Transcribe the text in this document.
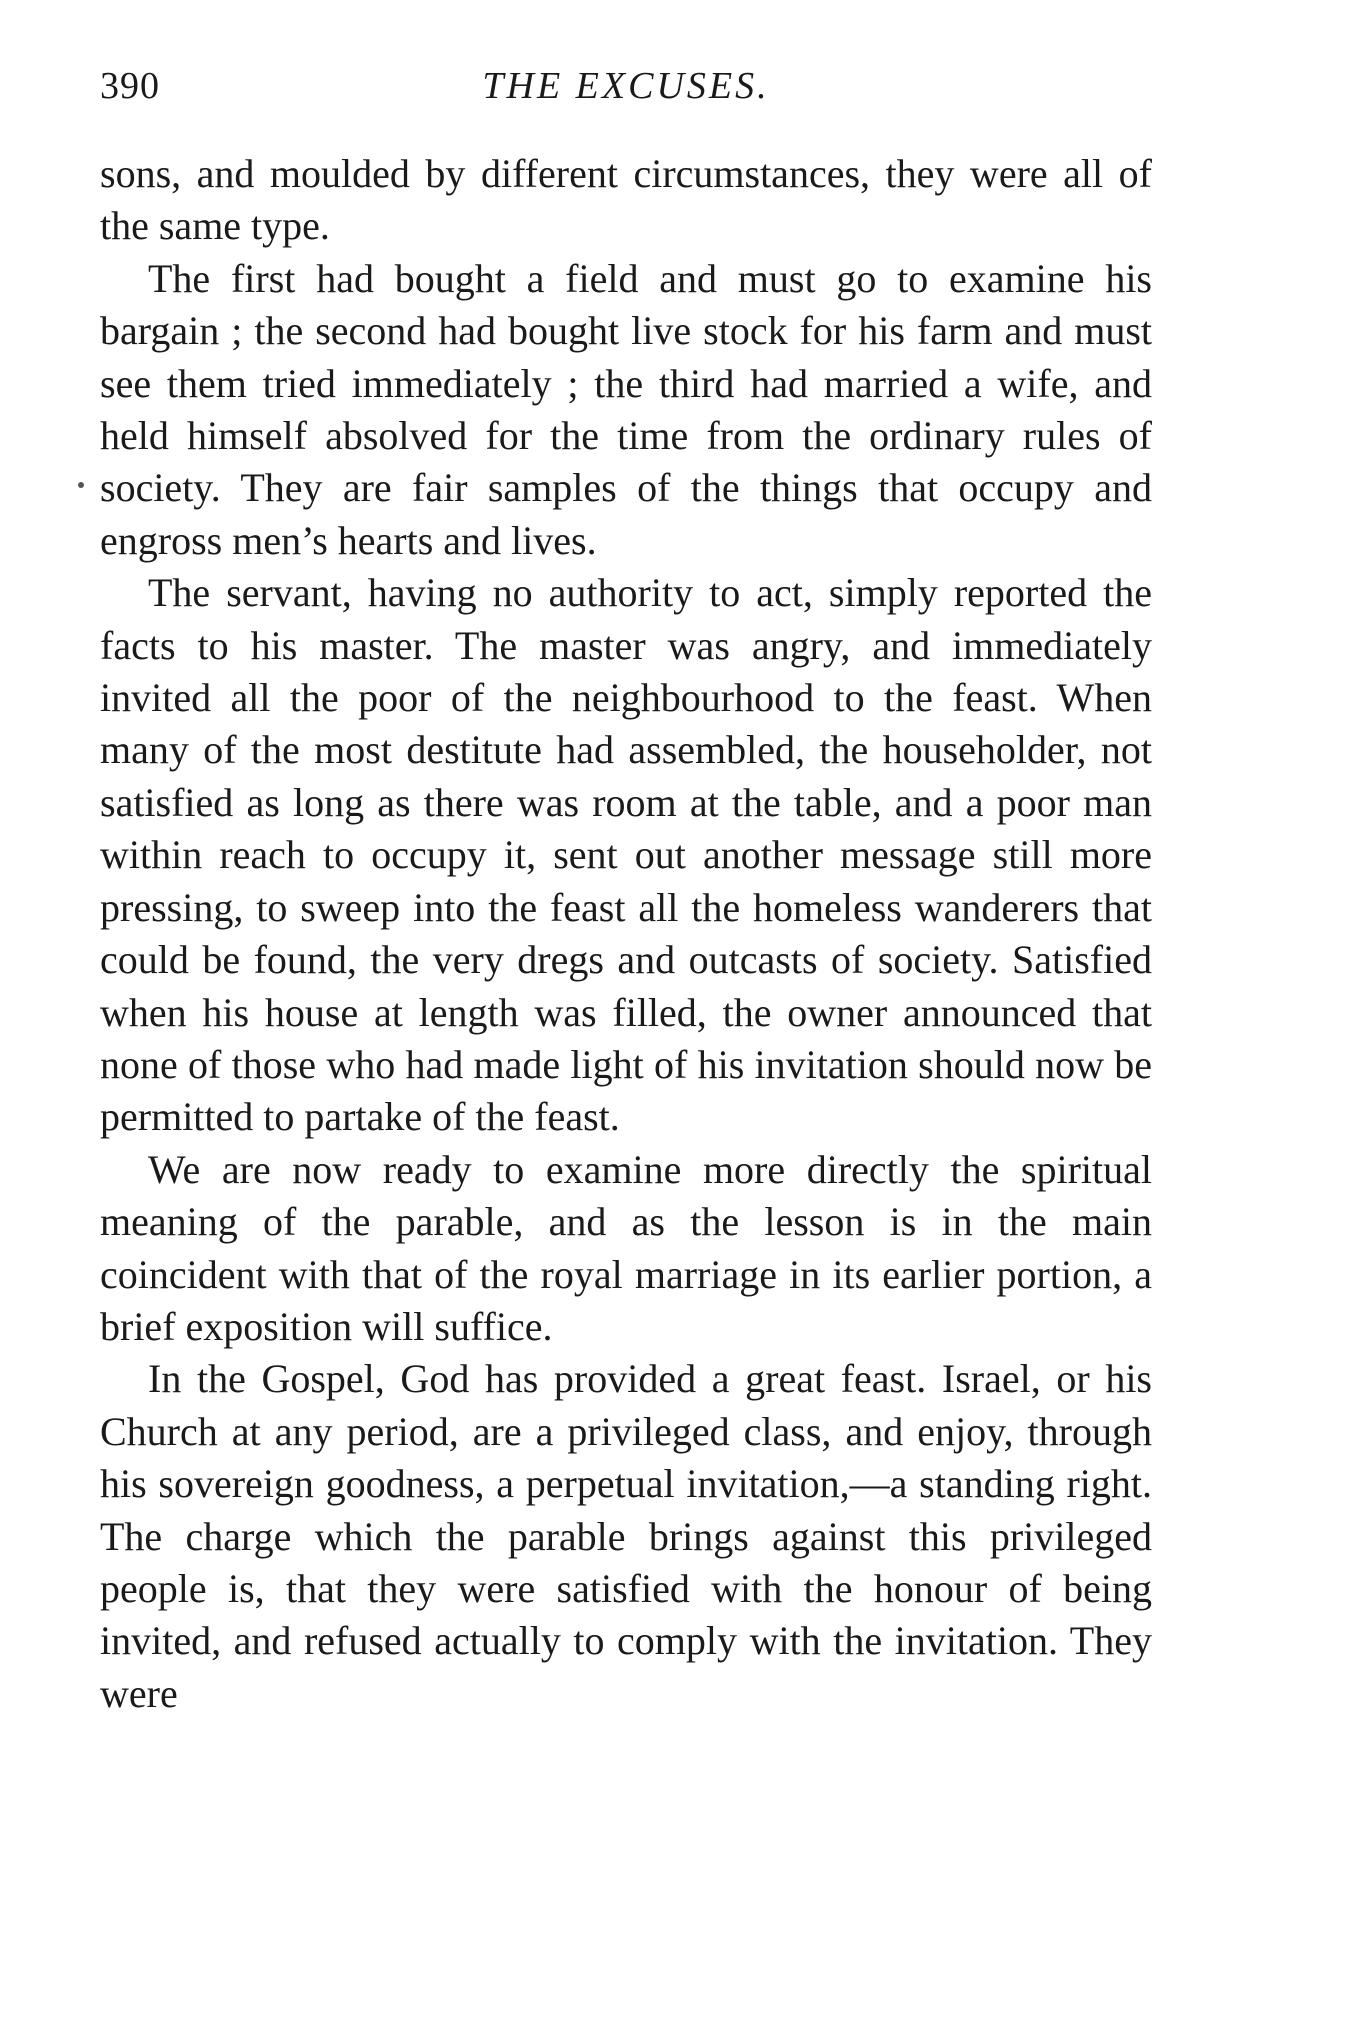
390	THE EXCUSES.

sons, and moulded by different circumstances, they were all of the same type.

The first had bought a field and must go to examine his bargain ; the second had bought live stock for his farm and must see them tried immediately ; the third had married a wife, and held himself absolved for the time from the ordinary rules of society. They are fair samples of the things that occupy and engross men’s hearts and lives.

The servant, having no authority to act, simply reported the facts to his master. The master was angry, and immediately invited all the poor of the neighbourhood to the feast. When many of the most destitute had assembled, the householder, not satisfied as long as there was room at the table, and a poor man within reach to occupy it, sent out another message still more pressing, to sweep into the feast all the homeless wanderers that could be found, the very dregs and outcasts of society. Satisfied when his house at length was filled, the owner announced that none of those who had made light of his invitation should now be permitted to partake of the feast.

We are now ready to examine more directly the spiritual meaning of the parable, and as the lesson is in the main coincident with that of the royal marriage in its earlier portion, a brief exposition will suffice.

In the Gospel, God has provided a great feast. Israel, or his Church at any period, are a privileged class, and enjoy, through his sovereign goodness, a perpetual invitation,—a standing right. The charge which the parable brings against this privileged people is, that they were satisfied with the honour of being invited, and refused actually to comply with the invitation. They were
